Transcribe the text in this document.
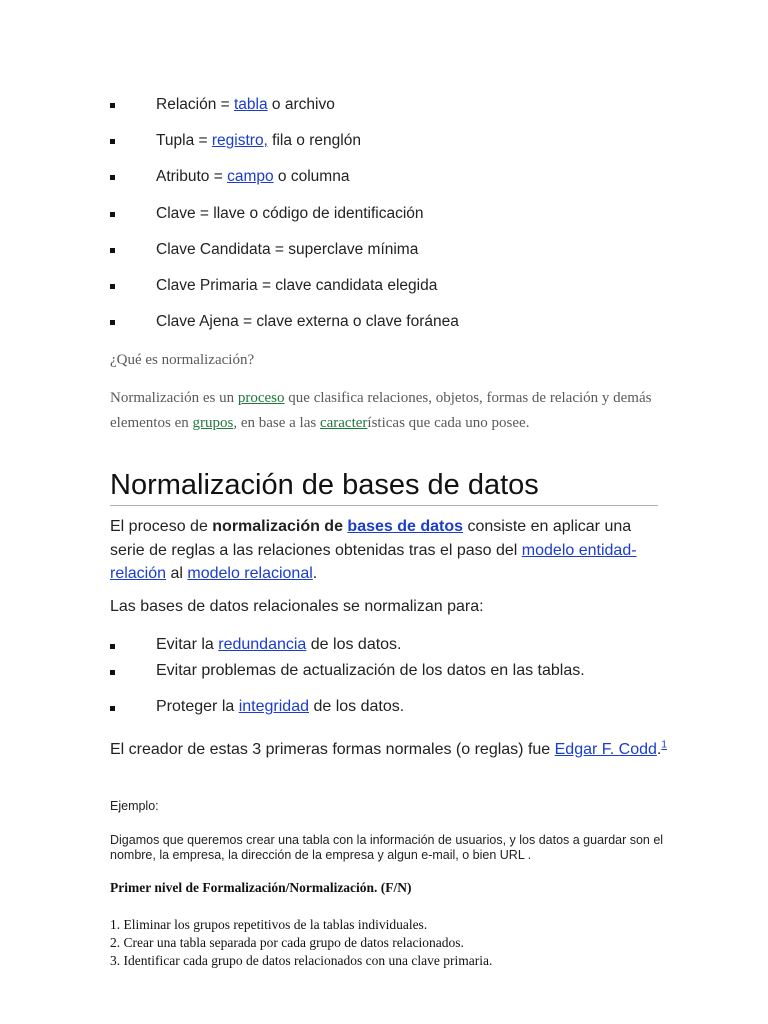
Relación = tabla o archivo
Tupla = registro, fila o renglón
Atributo = campo o columna
Clave = llave o código de identificación
Clave Candidata = superclave mínima
Clave Primaria = clave candidata elegida
Clave Ajena = clave externa o clave foránea
¿Qué es normalización?
Normalización es un proceso que clasifica relaciones, objetos, formas de relación y demás elementos en grupos, en base a las características que cada uno posee.
Normalización de bases de datos

El proceso de normalización de bases de datos consiste en aplicar una serie de reglas a las relaciones obtenidas tras el paso del modelo entidad-relación al modelo relacional.

Las bases de datos relacionales se normalizan para:

Evitar la redundancia de los datos.
Evitar problemas de actualización de los datos en las tablas.
Proteger la integridad de los datos.

El creador de estas 3 primeras formas normales (o reglas) fue Edgar F. Codd.$^1$

Ejemplo:

Digamos que queremos crear una tabla con la información de usuarios, y los datos a guardar son el nombre, la empresa, la dirección de la empresa y algun e-mail, o bien URL .

Primer nivel de Formalización/Normalización. (F/N)

1. Eliminar los grupos repetitivos de la tablas individuales.
2. Crear una tabla separada por cada grupo de datos relacionados.
3. Identificar cada grupo de datos relacionados con una clave primaria.
